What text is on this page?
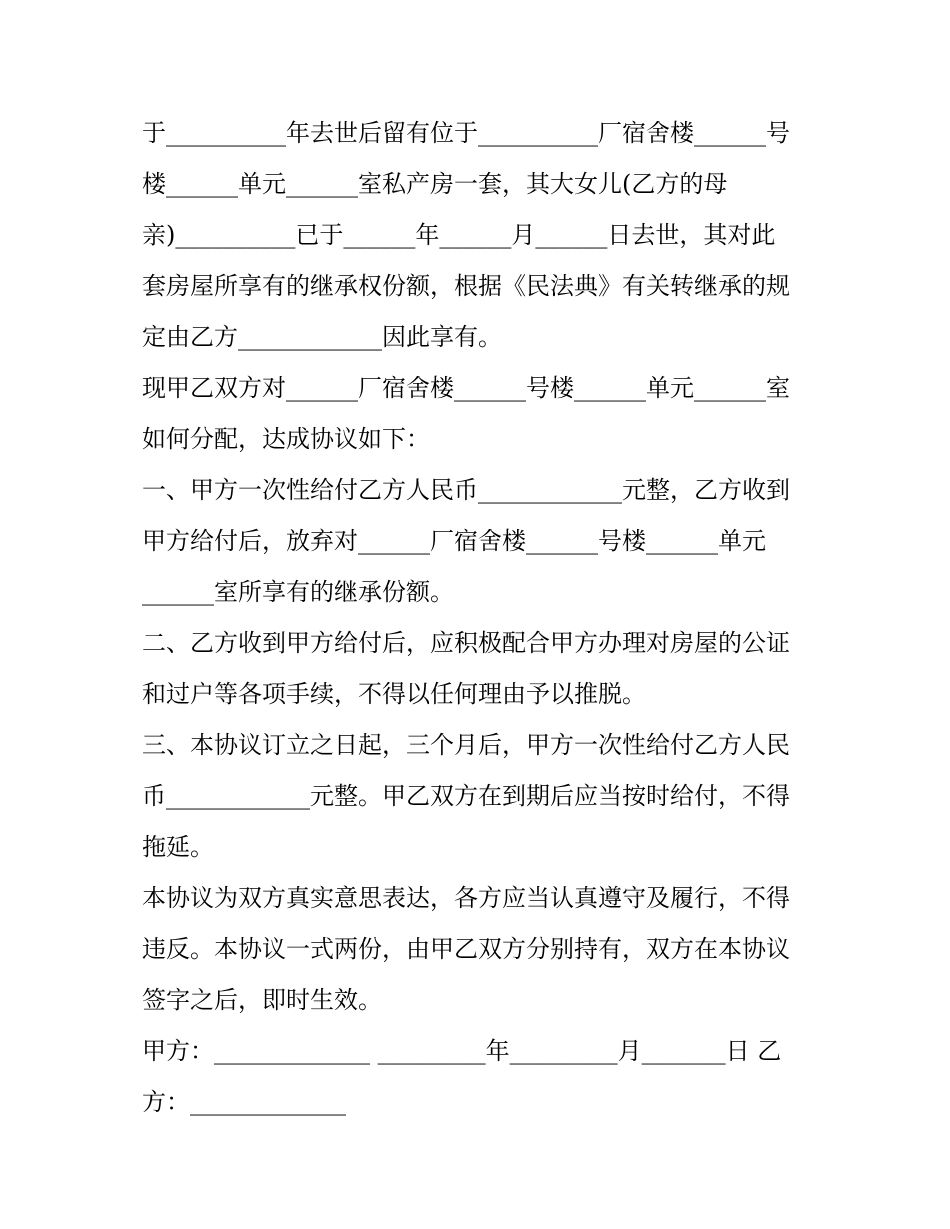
于__________年去世后留有位于__________厂宿舍楼______号
楼______单元______室私产房一套，其大女儿(乙方的母
亲)__________已于______年______月______日去世，其对此
套房屋所享有的继承权份额，根据《民法典》有关转继承的规
定由乙方____________因此享有。
现甲乙双方对______厂宿舍楼______号楼______单元______室
如何分配，达成协议如下：
一、甲方一次性给付乙方人民币____________元整，乙方收到
甲方给付后，放弃对______厂宿舍楼______号楼______单元
______室所享有的继承份额。
二、乙方收到甲方给付后，应积极配合甲方办理对房屋的公证
和过户等各项手续，不得以任何理由予以推脱。
三、本协议订立之日起，三个月后，甲方一次性给付乙方人民
币____________元整。甲乙双方在到期后应当按时给付，不得
拖延。
本协议为双方真实意思表达，各方应当认真遵守及履行，不得
违反。本协议一式两份，由甲乙双方分别持有，双方在本协议
签字之后，即时生效。
甲方：_____________ _________年_________月_______日 乙
方：_____________
